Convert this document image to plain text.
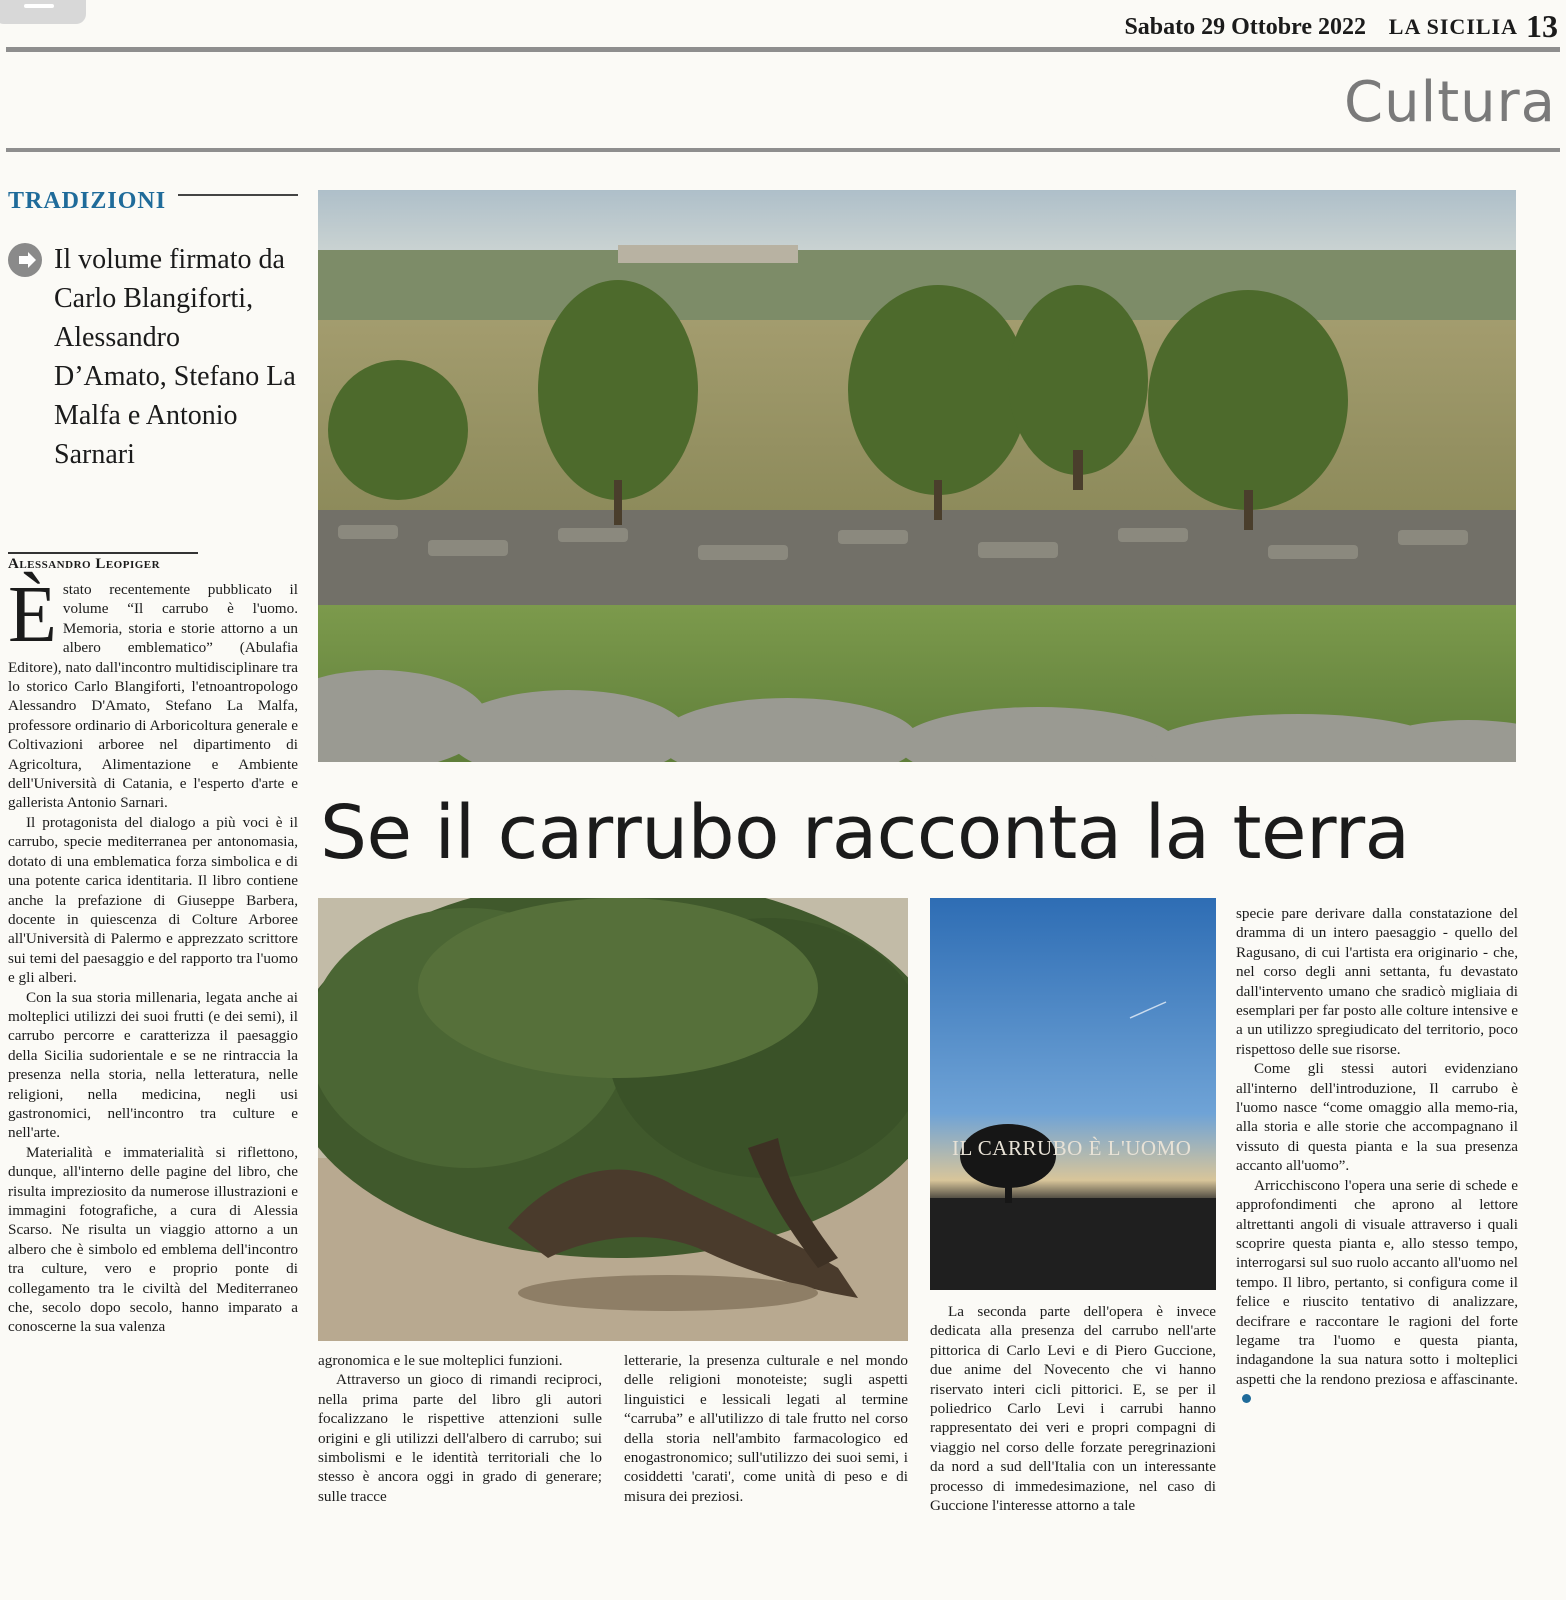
Sabato 29 Ottobre 2022 LA SICILIA 13
Cultura
TRADIZIONI
Il volume firmato da Carlo Blangiforti, Alessandro D’Amato, Stefano La Malfa e Antonio Sarnari
Alessandro Leopiger

Èstato recentemente pubblicato il volume “Il carrubo è l'uomo. Memoria, storia e storie attorno a un albero emblematico” (Abulafia Editore), nato dall'incontro multidisciplinare tra lo storico Carlo Blangiforti, l'etnoantropologo Alessandro D'Amato, Stefano La Malfa, professore ordinario di Arboricoltura generale e Coltivazioni arboree nel dipartimento di Agricoltura, Alimentazione e Ambiente dell'Università di Catania, e l'esperto d'arte e gallerista Antonio Sarnari.

Il protagonista del dialogo a più voci è il carrubo, specie mediterranea per antonomasia, dotato di una emblematica forza simbolica e di una potente carica identitaria. Il libro contiene anche la prefazione di Giuseppe Barbera, docente in quiescenza di Colture Arboree all'Università di Palermo e apprezzato scrittore sui temi del paesaggio e del rapporto tra l'uomo e gli alberi.

Con la sua storia millenaria, legata anche ai molteplici utilizzi dei suoi frutti (e dei semi), il carrubo percorre e caratterizza il paesaggio della Sicilia sudorientale e se ne rintraccia la presenza nella storia, nella letteratura, nelle religioni, nella medicina, negli usi gastronomici, nell'incontro tra culture e nell'arte.

Materialità e immaterialità si riflettono, dunque, all'interno delle pagine del libro, che risulta impreziosito da numerose illustrazioni e immagini fotografiche, a cura di Alessia Scarso. Ne risulta un viaggio attorno a un albero che è simbolo ed emblema dell'incontro tra culture, vero e proprio ponte di collegamento tra le civiltà del Mediterraneo che, secolo dopo secolo, hanno imparato a conoscerne la sua valenza

Se il carrubo racconta la terra
IL CARRUBO È L'UOMO

agronomica e le sue molteplici funzioni.

Attraverso un gioco di rimandi reciproci, nella prima parte del libro gli autori focalizzano le rispettive attenzioni sulle origini e gli utilizzi dell'albero di carrubo; sui simbolismi e le identità territoriali che lo stesso è ancora oggi in grado di generare; sulle tracce

letterarie, la presenza culturale e nel mondo delle religioni monoteiste; sugli aspetti linguistici e lessicali legati al termine “carruba” e all'utilizzo di tale frutto nel corso della storia nell'ambito farmacologico ed enogastronomico; sull'utilizzo dei suoi semi, i cosiddetti 'carati', come unità di peso e di misura dei preziosi.

La seconda parte dell'opera è invece dedicata alla presenza del carrubo nell'arte pittorica di Carlo Levi e di Piero Guccione, due anime del Novecento che vi hanno riservato interi cicli pittorici. E, se per il poliedrico Carlo Levi i carrubi hanno rappresentato dei veri e propri compagni di viaggio nel corso delle forzate peregrinazioni da nord a sud dell'Italia con un interessante processo di immedesimazione, nel caso di Guccione l'interesse attorno a tale

specie pare derivare dalla constatazione del dramma di un intero paesaggio - quello del Ragusano, di cui l'artista era originario - che, nel corso degli anni settanta, fu devastato dall'intervento umano che sradicò migliaia di esemplari per far posto alle colture intensive e a un utilizzo spregiudicato del territorio, poco rispettoso delle sue risorse.

Come gli stessi autori evidenziano all'interno dell'introduzione, Il carrubo è l'uomo nasce “come omaggio alla memo-ria, alla storia e alle storie che accompagnano il vissuto di questa pianta e la sua presenza accanto all'uomo”.

Arricchiscono l'opera una serie di schede e approfondimenti che aprono al lettore altrettanti angoli di visuale attraverso i quali scoprire questa pianta e, allo stesso tempo, interrogarsi sul suo ruolo accanto all'uomo nel tempo. Il libro, pertanto, si configura come il felice e riuscito tentativo di analizzare, decifrare e raccontare le ragioni del forte legame tra l'uomo e questa pianta, indagandone la sua natura sotto i molteplici aspetti che la rendono preziosa e affascinante.
